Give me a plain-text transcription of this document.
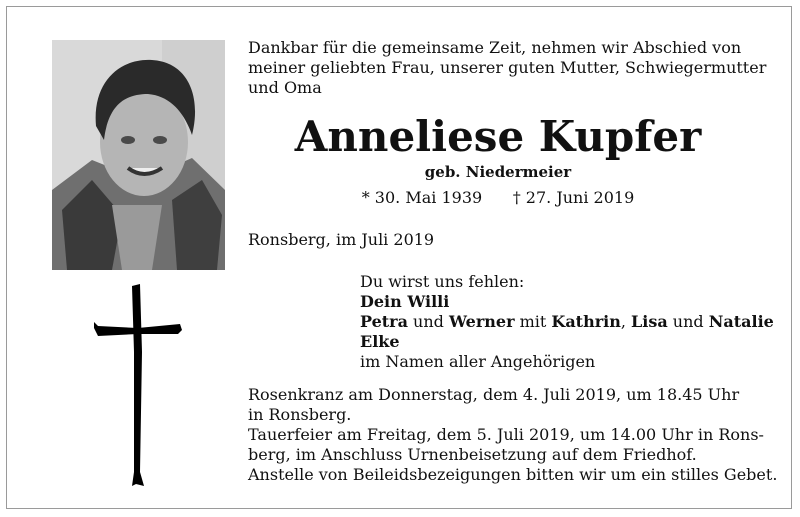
Dankbar für die gemeinsame Zeit, nehmen wir Abschied von
meiner geliebten Frau, unserer guten Mutter, Schwiegermutter
und Oma
Anneliese Kupfer
geb. Niedermeier
* 30. Mai 1939 † 27. Juni 2019
Ronsberg, im Juli 2019
Du wirst uns fehlen:
Dein Willi
Petra und Werner mit Kathrin, Lisa und Natalie
Elke
im Namen aller Angehörigen
Rosenkranz am Donnerstag, dem 4. Juli 2019, um 18.45 Uhr
in Ronsberg.
Tauerfeier am Freitag, dem 5. Juli 2019, um 14.00 Uhr in Rons-
berg, im Anschluss Urnenbeisetzung auf dem Friedhof.
Anstelle von Beileidsbezeigungen bitten wir um ein stilles Gebet.
